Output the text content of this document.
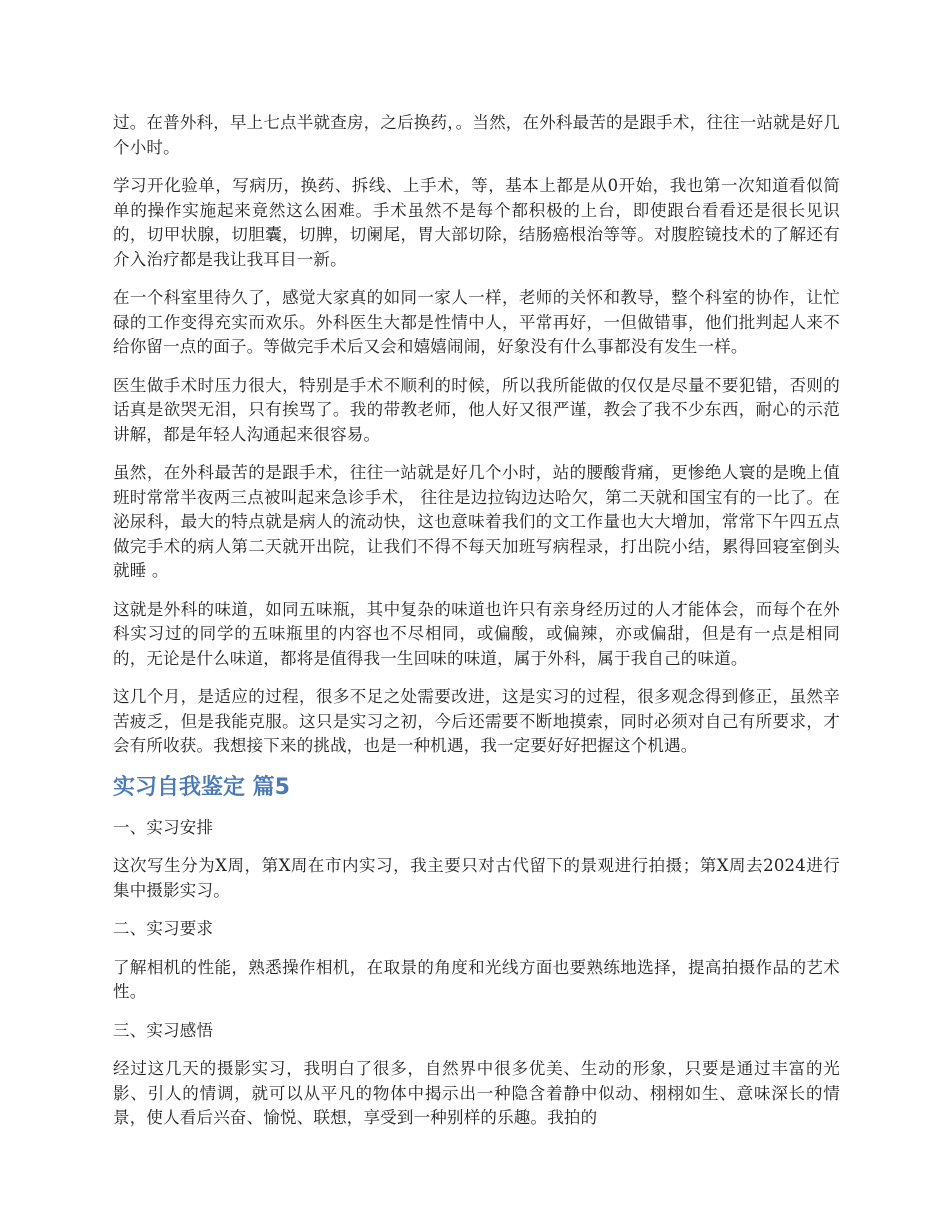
过。在普外科，早上七点半就查房，之后换药，。当然，在外科最苦的是跟手术，往往一站就是好几个小时。

学习开化验单，写病历，换药、拆线、上手术，等，基本上都是从0开始，我也第一次知道看似简单的操作实施起来竟然这么困难。手术虽然不是每个都积极的上台，即使跟台看看还是很长见识的，切甲状腺，切胆囊，切脾，切阑尾，胃大部切除，结肠癌根治等等。对腹腔镜技术的了解还有介入治疗都是我让我耳目一新。

在一个科室里待久了，感觉大家真的如同一家人一样，老师的关怀和教导，整个科室的协作，让忙碌的工作变得充实而欢乐。外科医生大都是性情中人，平常再好，一但做错事，他们批判起人来不给你留一点的面子。等做完手术后又会和嬉嬉闹闹，好象没有什么事都没有发生一样。

医生做手术时压力很大，特别是手术不顺利的时候，所以我所能做的仅仅是尽量不要犯错，否则的话真是欲哭无泪，只有挨骂了。我的带教老师，他人好又很严谨，教会了我不少东西，耐心的示范讲解，都是年轻人沟通起来很容易。

虽然，在外科最苦的是跟手术，往往一站就是好几个小时，站的腰酸背痛，更惨绝人寰的是晚上值班时常常半夜两三点被叫起来急诊手术， 往往是边拉钩边达哈欠，第二天就和国宝有的一比了。在泌尿科，最大的特点就是病人的流动快，这也意味着我们的文工作量也大大增加，常常下午四五点做完手术的病人第二天就开出院，让我们不得不每天加班写病程录，打出院小结，累得回寝室倒头就睡 。

这就是外科的味道，如同五味瓶，其中复杂的味道也许只有亲身经历过的人才能体会，而每个在外科实习过的同学的五味瓶里的内容也不尽相同，或偏酸，或偏辣，亦或偏甜，但是有一点是相同的，无论是什么味道，都将是值得我一生回味的味道，属于外科，属于我自己的味道。

这几个月，是适应的过程，很多不足之处需要改进，这是实习的过程，很多观念得到修正，虽然辛苦疲乏，但是我能克服。这只是实习之初，今后还需要不断地摸索，同时必须对自己有所要求，才会有所收获。我想接下来的挑战，也是一种机遇，我一定要好好把握这个机遇。

实习自我鉴定 篇5

一、实习安排

这次写生分为X周，第X周在市内实习，我主要只对古代留下的景观进行拍摄；第X周去2024进行集中摄影实习。

二、实习要求

了解相机的性能，熟悉操作相机，在取景的角度和光线方面也要熟练地选择，提高拍摄作品的艺术性。

三、实习感悟

经过这几天的摄影实习，我明白了很多，自然界中很多优美、生动的形象，只要是通过丰富的光影、引人的情调，就可以从平凡的物体中揭示出一种隐含着静中似动、栩栩如生、意味深长的情景，使人看后兴奋、愉悦、联想，享受到一种别样的乐趣。我拍的
